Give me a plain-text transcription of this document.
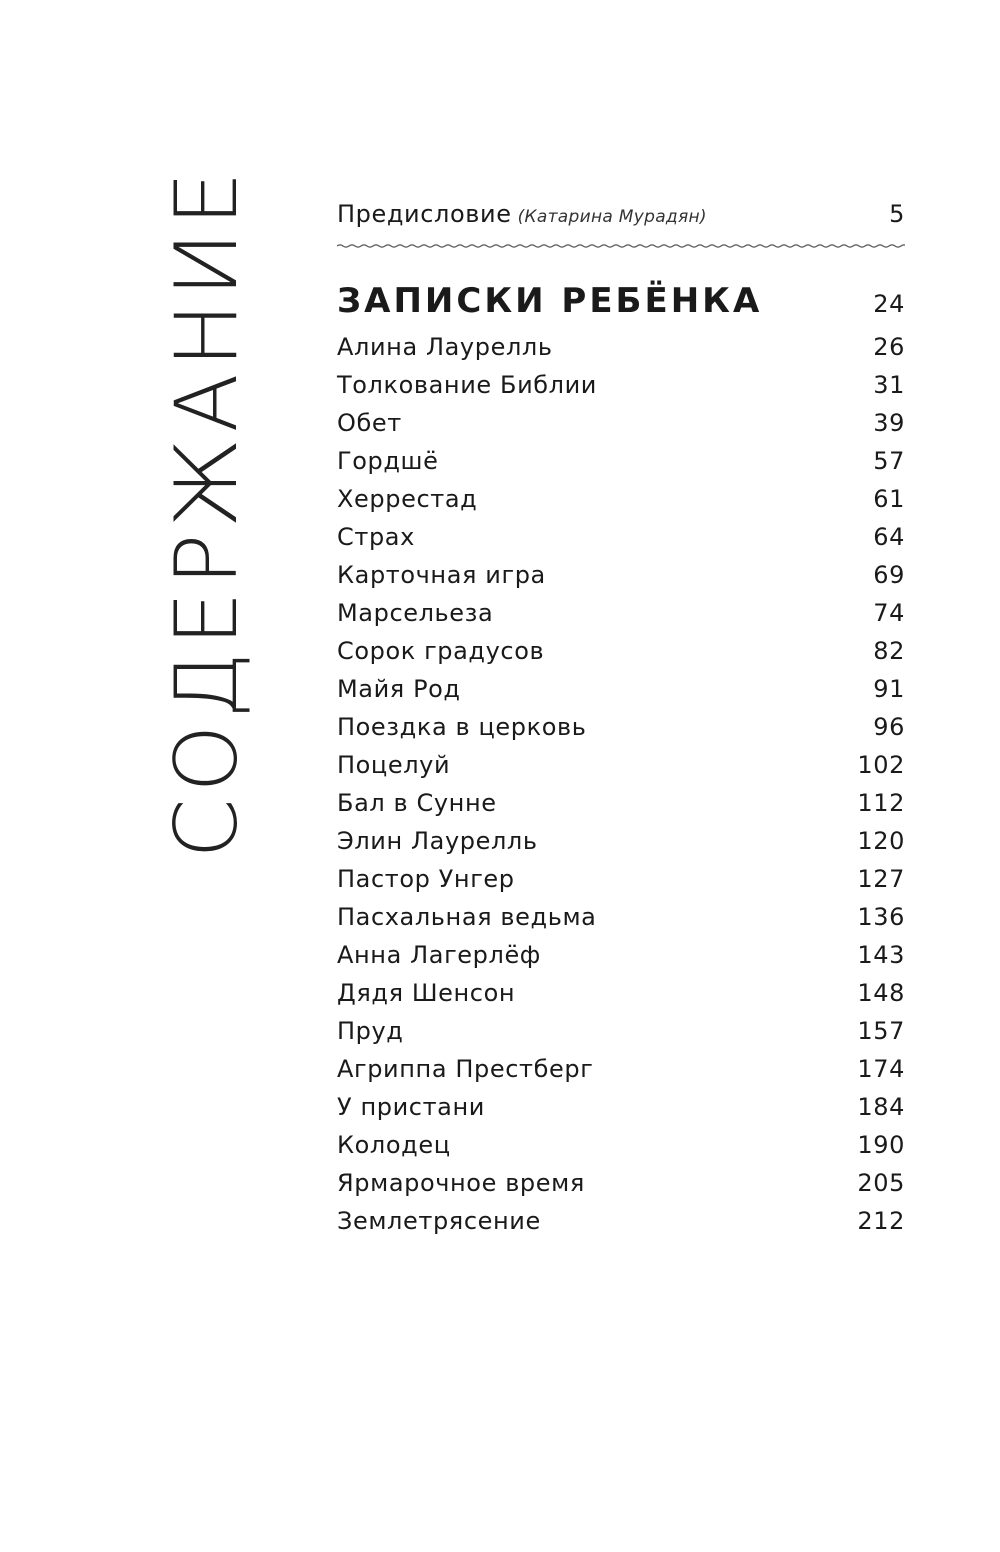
СОДЕРЖАНИЕ	Предисловие (Катарина Мурадян)	5
ЗАПИСКИ РЕБЁНКА	24
Алина Лаурелль	26
Толкование Библии	31
Обет	39
Гордшё	57
Херрестад	61
Страх	64
Карточная игра	69
Марсельеза	74
Сорок градусов	82
Майя Род	91
Поездка в церковь	96
Поцелуй	102
Бал в Сунне	112
Элин Лаурелль	120
Пастор Унгер	127
Пасхальная ведьма	136
Анна Лагерлёф	143
Дядя Шенсон	148
Пруд	157
Агриппа Престберг	174
У пристани	184
Колодец	190
Ярмарочное время	205
Землетрясение	212
